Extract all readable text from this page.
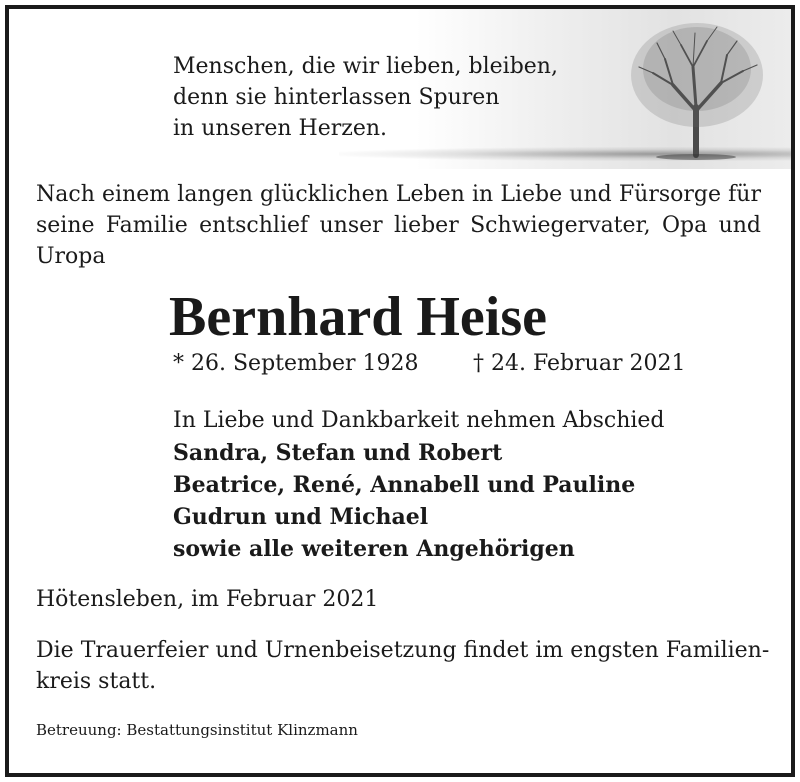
Menschen, die wir lieben, bleiben,
denn sie hinterlassen Spuren
in unseren Herzen.

Nach einem langen glücklichen Leben in Liebe und Fürsorge für seine Familie entschlief unser lieber Schwiegervater, Opa und Uropa

Bernhard Heise
* 26. September 1928 † 24. Februar 2021

In Liebe und Dankbarkeit nehmen Abschied
Sandra, Stefan und Robert
Beatrice, René, Annabell und Pauline
Gudrun und Michael
sowie alle weiteren Angehörigen

Hötensleben, im Februar 2021

Die Trauerfeier und Urnenbeisetzung findet im engsten Familien-
kreis statt.

Betreuung: Bestattungsinstitut Klinzmann
